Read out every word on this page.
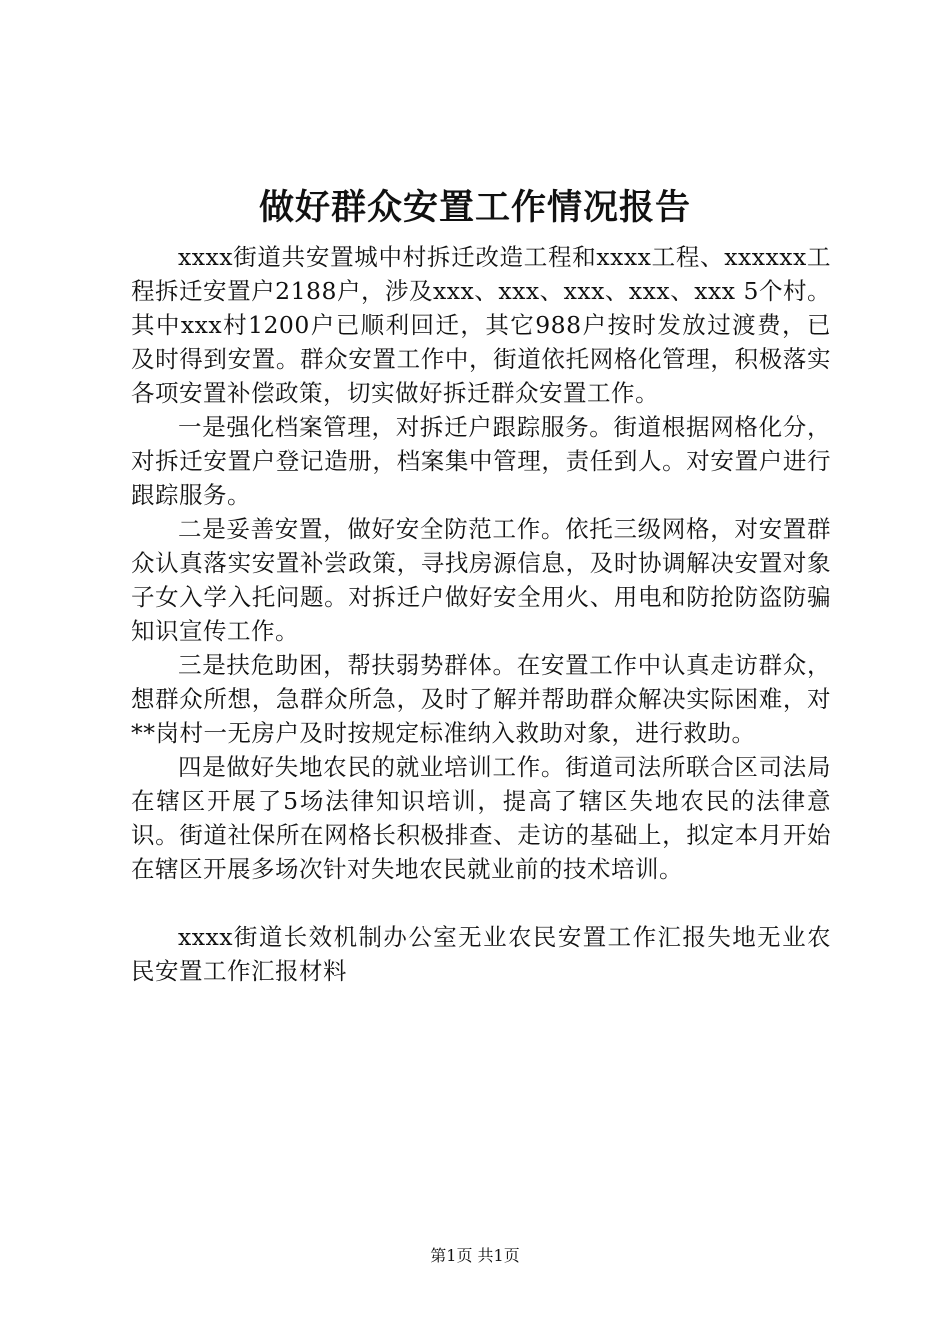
做好群众安置工作情况报告

xxxx街道共安置城中村拆迁改造工程和xxxx工程、xxxxxx工程拆迁安置户2188户，涉及xxx、xxx、xxx、xxx、xxx 5个村。其中xxx村1200户已顺利回迁，其它988户按时发放过渡费，已及时得到安置。群众安置工作中，街道依托网格化管理，积极落实各项安置补偿政策，切实做好拆迁群众安置工作。

一是强化档案管理，对拆迁户跟踪服务。街道根据网格化分，对拆迁安置户登记造册，档案集中管理，责任到人。对安置户进行跟踪服务。

二是妥善安置，做好安全防范工作。依托三级网格，对安置群众认真落实安置补尝政策，寻找房源信息，及时协调解决安置对象子女入学入托问题。对拆迁户做好安全用火、用电和防抢防盗防骗知识宣传工作。

三是扶危助困，帮扶弱势群体。在安置工作中认真走访群众，想群众所想，急群众所急，及时了解并帮助群众解决实际困难，对**岗村一无房户及时按规定标准纳入救助对象，进行救助。

四是做好失地农民的就业培训工作。街道司法所联合区司法局在辖区开展了5场法律知识培训，提高了辖区失地农民的法律意识。街道社保所在网格长积极排查、走访的基础上，拟定本月开始在辖区开展多场次针对失地农民就业前的技术培训。

xxxx街道长效机制办公室无业农民安置工作汇报失地无业农民安置工作汇报材料

第1页 共1页
